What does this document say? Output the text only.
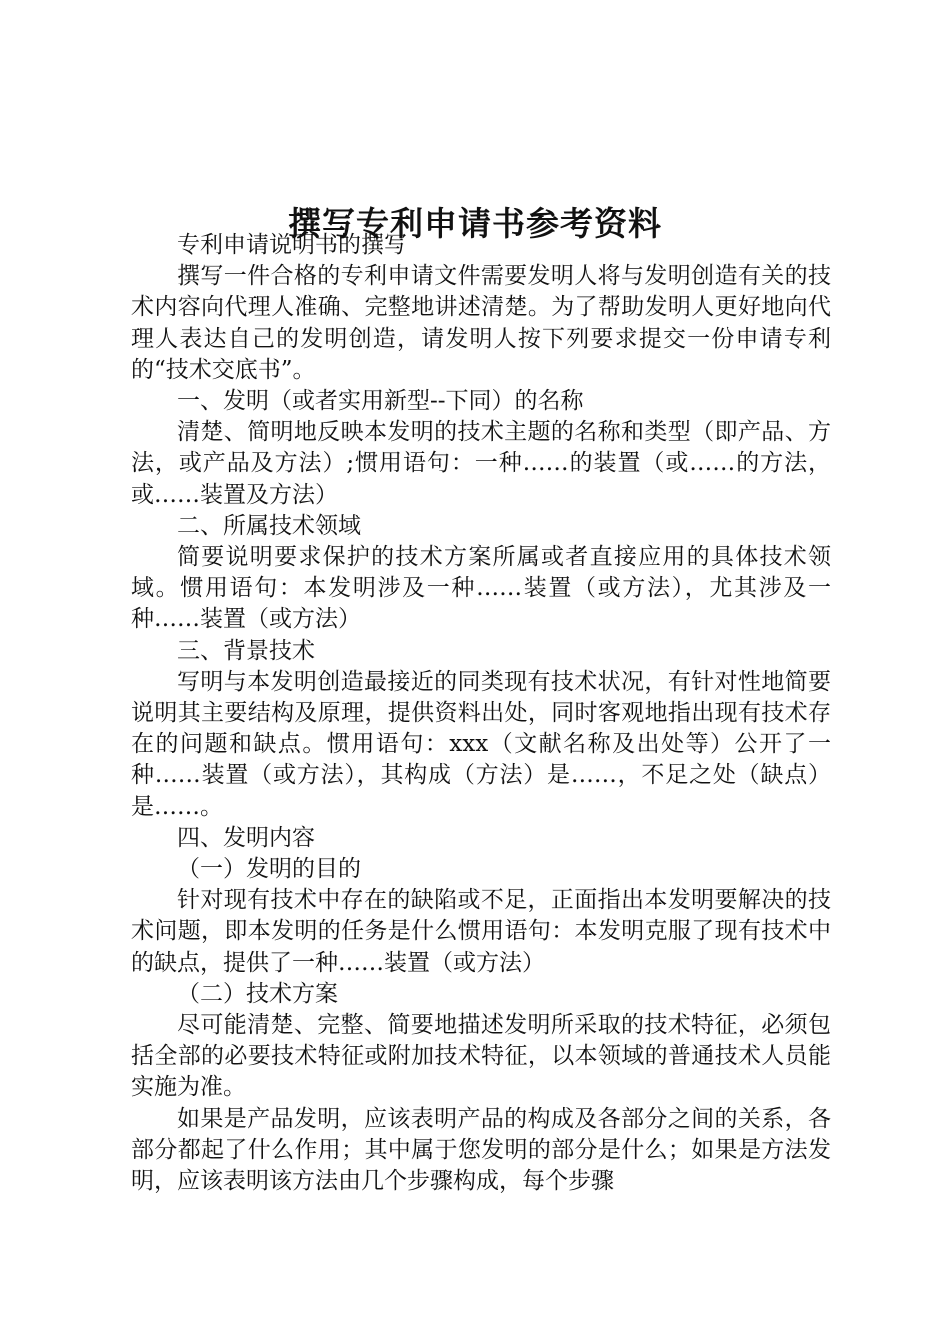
撰写专利申请书参考资料

专利申请说明书的撰写

撰写一件合格的专利申请文件需要发明人将与发明创造有关的技术内容向代理人准确、完整地讲述清楚。为了帮助发明人更好地向代理人表达自己的发明创造，请发明人按下列要求提交一份申请专利的“技术交底书”。

一、发明（或者实用新型--下同）的名称

清楚、简明地反映本发明的技术主题的名称和类型（即产品、方法，或产品及方法）;惯用语句：一种……的装置（或……的方法，或……装置及方法）

二、所属技术领域

简要说明要求保护的技术方案所属或者直接应用的具体技术领域。惯用语句：本发明涉及一种……装置（或方法），尤其涉及一种……装置（或方法）

三、背景技术

写明与本发明创造最接近的同类现有技术状况，有针对性地简要说明其主要结构及原理，提供资料出处，同时客观地指出现有技术存在的问题和缺点。惯用语句：xxx（文献名称及出处等）公开了一种……装置（或方法），其构成（方法）是……，不足之处（缺点）是……。

四、发明内容

（一）发明的目的

针对现有技术中存在的缺陷或不足，正面指出本发明要解决的技术问题，即本发明的任务是什么惯用语句：本发明克服了现有技术中的缺点，提供了一种……装置（或方法）

（二）技术方案

尽可能清楚、完整、简要地描述发明所采取的技术特征，必须包括全部的必要技术特征或附加技术特征，以本领域的普通技术人员能实施为准。

如果是产品发明，应该表明产品的构成及各部分之间的关系，各部分都起了什么作用；其中属于您发明的部分是什么；如果是方法发明，应该表明该方法由几个步骤构成，每个步骤
